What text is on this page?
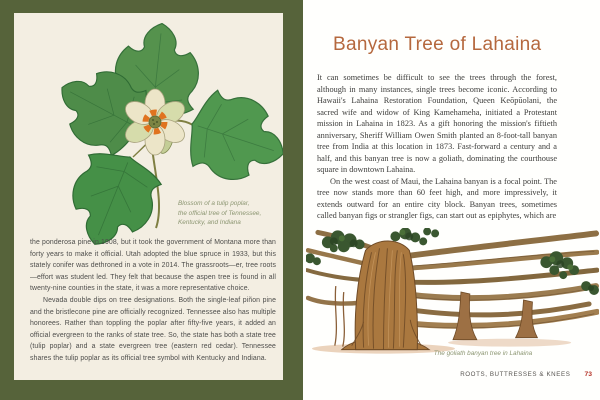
Blossom of a tulip poplar,
the official tree of Tennessee,
Kentucky, and Indiana
the ponderosa pine in 1908, but it took the government of Montana more than forty years to make it official. Utah adopted the blue spruce in 1933, but this stately conifer was dethroned in a vote in 2014. The grassroots—er, tree roots—effort was student led. They felt that because the aspen tree is found in all twenty-nine counties in the state, it was a more representative choice.
Nevada double dips on tree designations. Both the single-leaf piñon pine and the bristlecone pine are officially recognized. Tennessee also has multiple honorees. Rather than toppling the poplar after fifty-five years, it added an official evergreen to the ranks of state tree. So, the state has both a state tree (tulip poplar) and a state evergreen tree (eastern red cedar). Tennessee shares the tulip poplar as its official tree symbol with Kentucky and Indiana.
Banyan Tree of Lahaina
It can sometimes be difficult to see the trees through the forest, although in many instances, single trees become iconic. According to Hawaii's Lahaina Restoration Foundation, Queen Keōpūolani, the sacred wife and widow of King Kamehameha, initiated a Protestant mission in Lahaina in 1823. As a gift honoring the mission's fiftieth anniversary, Sheriff William Owen Smith planted an 8-foot-tall banyan tree from India at this location in 1873. Fast-forward a century and a half, and this banyan tree is now a goliath, dominating the courthouse square in downtown Lahaina.
On the west coast of Maui, the Lahaina banyan is a focal point. The tree now stands more than 60 feet high, and more impressively, it extends outward for an entire city block. Banyan trees, sometimes called banyan figs or strangler figs, can start out as epiphytes, which are
The goliath banyan tree in Lahaina
ROOTS, BUTTRESSES & KNEES 73
